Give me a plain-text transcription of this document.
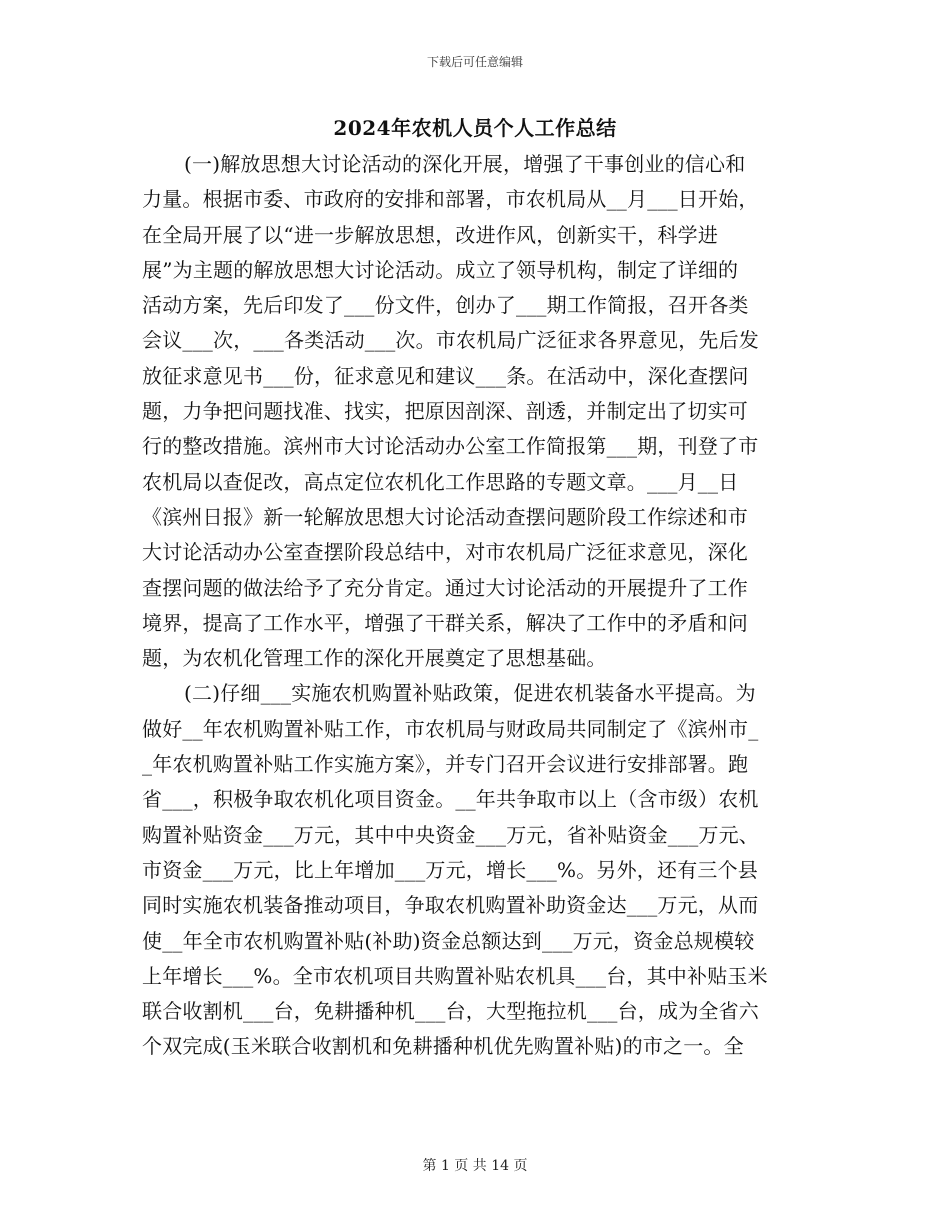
下载后可任意编辑
2024年农机人员个人工作总结
(一)解放思想大讨论活动的深化开展，增强了干事创业的信心和
力量。根据市委、市政府的安排和部署，市农机局从__月___日开始，
在全局开展了以“进一步解放思想，改进作风，创新实干，科学进
展”为主题的解放思想大讨论活动。成立了领导机构，制定了详细的
活动方案，先后印发了___份文件，创办了___期工作简报，召开各类
会议___次，___各类活动___次。市农机局广泛征求各界意见，先后发
放征求意见书___份，征求意见和建议___条。在活动中，深化查摆问
题，力争把问题找准、找实，把原因剖深、剖透，并制定出了切实可
行的整改措施。滨州市大讨论活动办公室工作简报第___期，刊登了市
农机局以查促改，高点定位农机化工作思路的专题文章。___月__日
《滨州日报》新一轮解放思想大讨论活动查摆问题阶段工作综述和市
大讨论活动办公室查摆阶段总结中，对市农机局广泛征求意见，深化
查摆问题的做法给予了充分肯定。通过大讨论活动的开展提升了工作
境界，提高了工作水平，增强了干群关系，解决了工作中的矛盾和问
题，为农机化管理工作的深化开展奠定了思想基础。
(二)仔细___实施农机购置补贴政策，促进农机装备水平提高。为
做好__年农机购置补贴工作，市农机局与财政局共同制定了《滨州市_
_年农机购置补贴工作实施方案》，并专门召开会议进行安排部署。跑
省___，积极争取农机化项目资金。__年共争取市以上（含市级）农机
购置补贴资金___万元，其中中央资金___万元，省补贴资金___万元、
市资金___万元，比上年增加___万元，增长___%。另外，还有三个县
同时实施农机装备推动项目，争取农机购置补助资金达___万元，从而
使__年全市农机购置补贴(补助)资金总额达到___万元，资金总规模较
上年增长___%。全市农机项目共购置补贴农机具___台，其中补贴玉米
联合收割机___台，免耕播种机___台，大型拖拉机___台，成为全省六
个双完成(玉米联合收割机和免耕播种机优先购置补贴)的市之一。全
第 1 页 共 14 页
